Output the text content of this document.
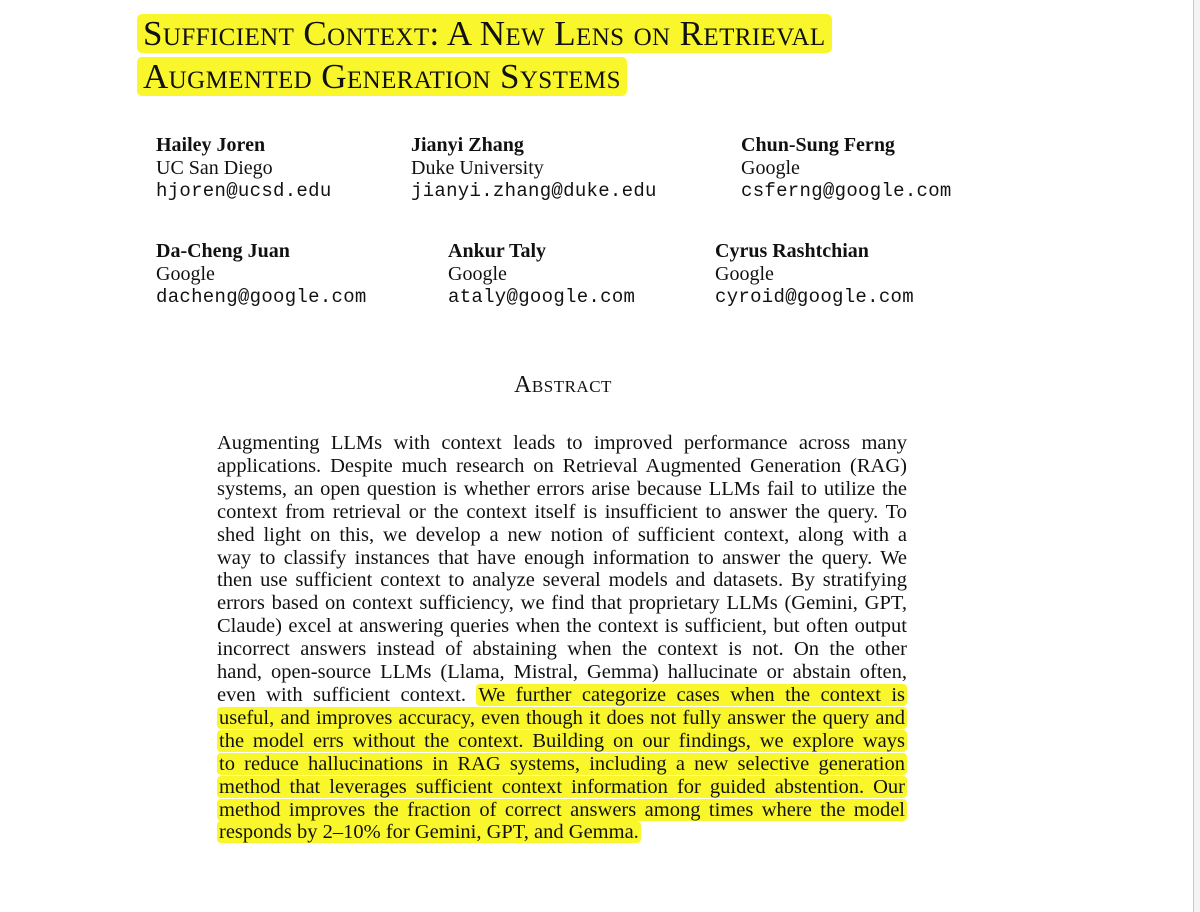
Sufficient Context: A New Lens on Retrieval
Augmented Generation Systems
Hailey Joren
UC San Diego
hjoren@ucsd.edu
Jianyi Zhang
Duke University
jianyi.zhang@duke.edu
Chun-Sung Ferng
Google
csferng@google.com
Da-Cheng Juan
Google
dacheng@google.com
Ankur Taly
Google
ataly@google.com
Cyrus Rashtchian
Google
cyroid@google.com
Abstract
Augmenting LLMs with context leads to improved performance across many
applications. Despite much research on Retrieval Augmented Generation (RAG)
systems, an open question is whether errors arise because LLMs fail to utilize the
context from retrieval or the context itself is insufficient to answer the query. To
shed light on this, we develop a new notion of sufficient context, along with a
way to classify instances that have enough information to answer the query. We
then use sufficient context to analyze several models and datasets. By stratifying
errors based on context sufficiency, we find that proprietary LLMs (Gemini, GPT,
Claude) excel at answering queries when the context is sufficient, but often output
incorrect answers instead of abstaining when the context is not. On the other
hand, open-source LLMs (Llama, Mistral, Gemma) hallucinate or abstain often,
even with sufficient context. We further categorize cases when the context is
useful, and improves accuracy, even though it does not fully answer the query and
the model errs without the context. Building on our findings, we explore ways
to reduce hallucinations in RAG systems, including a new selective generation
method that leverages sufficient context information for guided abstention. Our
method improves the fraction of correct answers among times where the model
responds by 2–10% for Gemini, GPT, and Gemma.
